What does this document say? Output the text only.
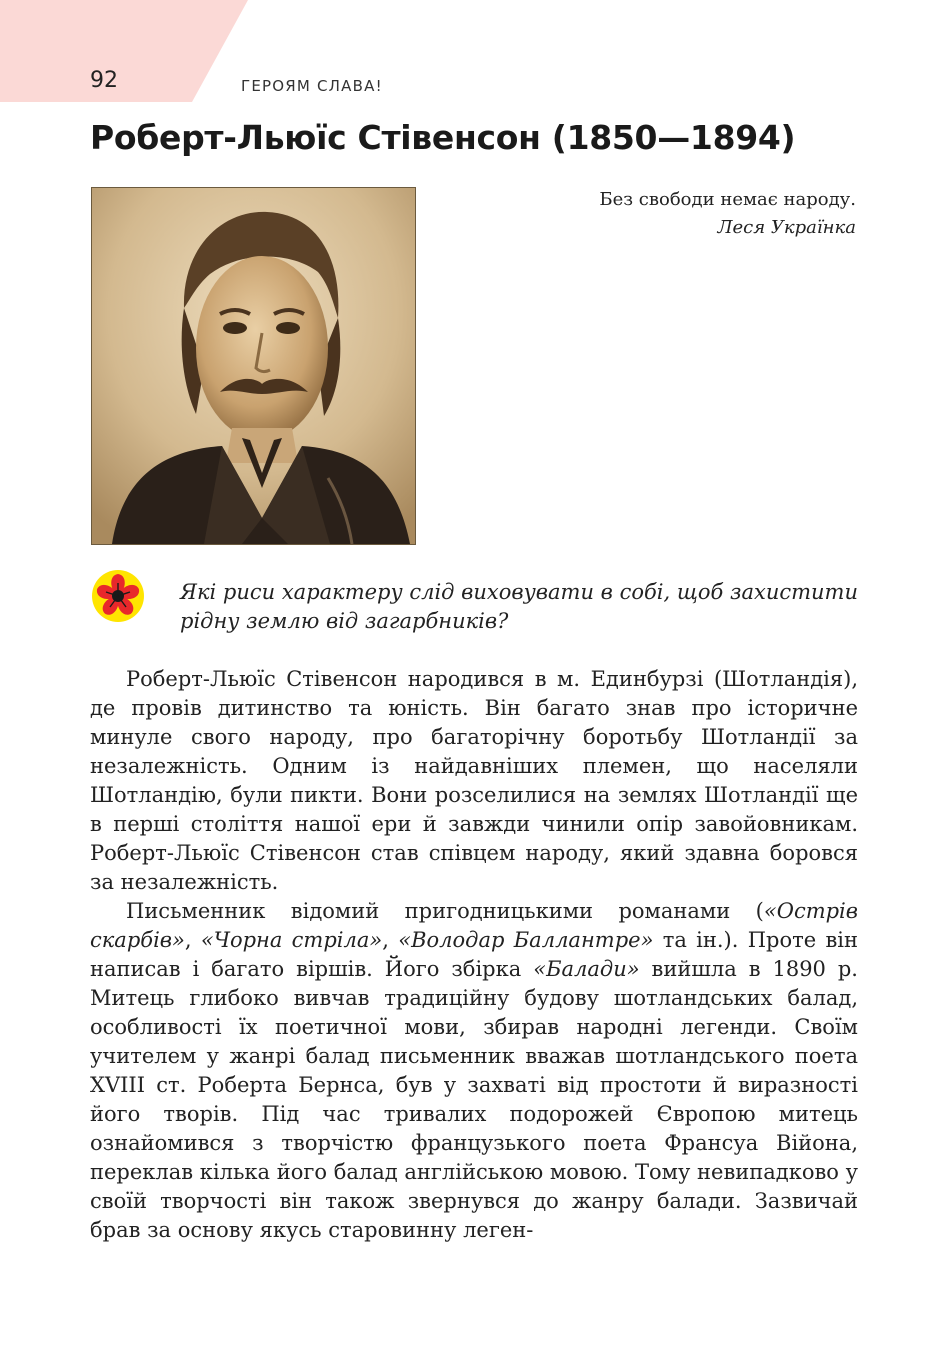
92	ГЕРОЯМ СЛАВА!
Роберт-Льюїс Стівенсон (1850—1894)
Без свободи немає народу.
Леся Українка
Які риси характеру слід виховувати в собі, щоб захистити рідну землю від загарбників?

Роберт-Льюїс Стівенсон народився в м. Единбурзі (Шотландія), де провів дитинство та юність. Він багато знав про історичне минуле свого народу, про багаторічну боротьбу Шотландії за незалежність. Одним із найдавніших племен, що населяли Шотландію, були пикти. Вони розселилися на землях Шотландії ще в перші століття нашої ери й завжди чинили опір завойовникам. Роберт-Льюїс Стівенсон став співцем народу, який здавна боровся за незалежність.

Письменник відомий пригодницькими романами («Острів скарбів», «Чорна стріла», «Володар Баллантре» та ін.). Проте він написав і багато віршів. Його збірка «Балади» вийшла в 1890 р. Митець глибоко вивчав традиційну будову шотландських балад, особливості їх поетичної мови, збирав народні легенди. Своїм учителем у жанрі балад письменник вважав шотландського поета XVIII ст. Роберта Бернса, був у захваті від простоти й виразності його творів. Під час тривалих подорожей Європою митець ознайомився з творчістю французького поета Франсуа Війона, переклав кілька його балад англійською мовою. Тому невипадково у своїй творчості він також звернувся до жанру балади. Зазвичай брав за основу якусь старовинну леген-
